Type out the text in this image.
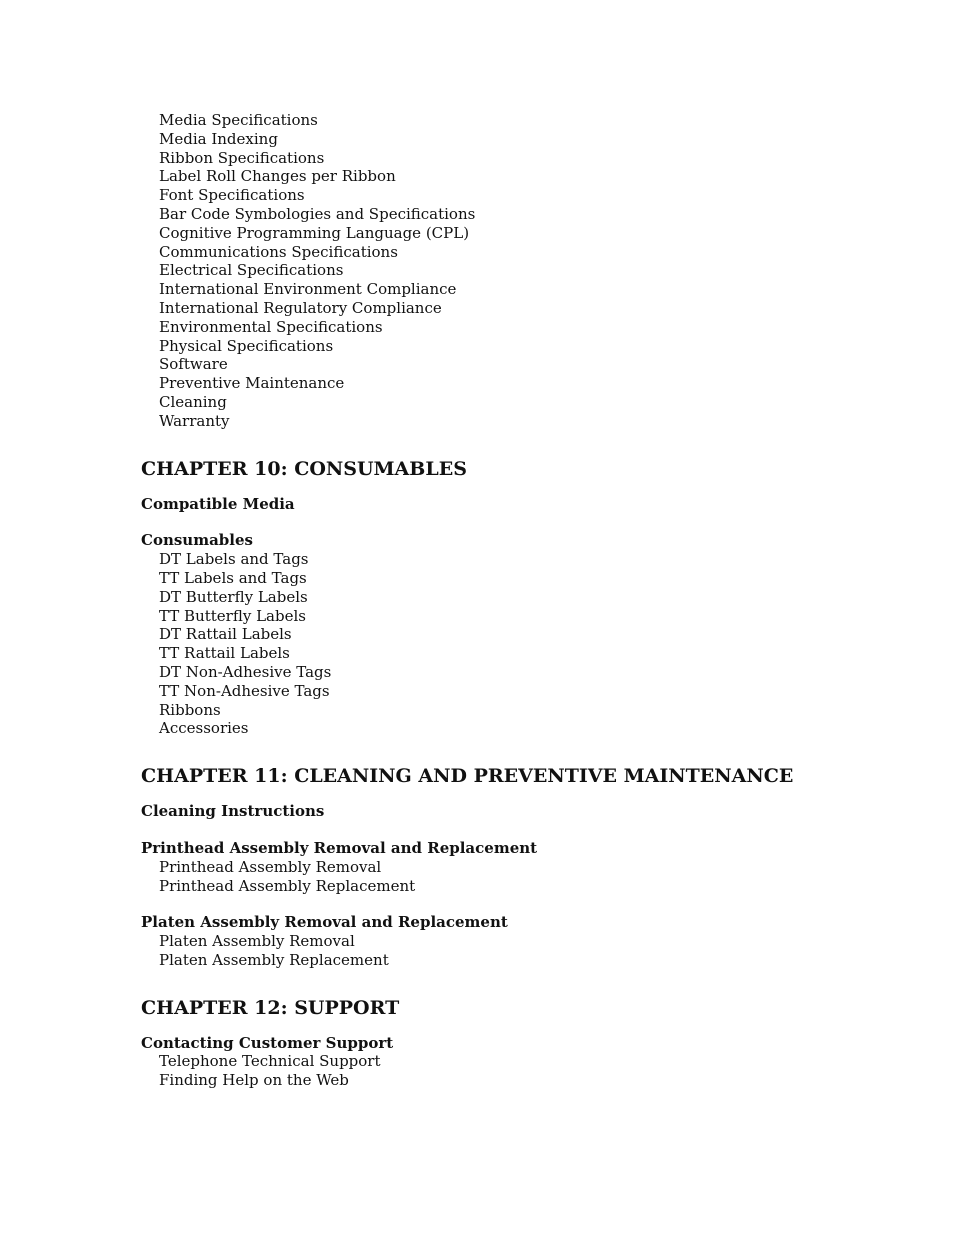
Media Specifications
Media Indexing
Ribbon Specifications
Label Roll Changes per Ribbon
Font Specifications
Bar Code Symbologies and Specifications
Cognitive Programming Language (CPL)
Communications Specifications
Electrical Specifications
International Environment Compliance
International Regulatory Compliance
Environmental Specifications
Physical Specifications
Software
Preventive Maintenance
Cleaning
Warranty
CHAPTER 10: CONSUMABLES
Compatible Media
Consumables
DT Labels and Tags
TT Labels and Tags
DT Butterfly Labels
TT Butterfly Labels
DT Rattail Labels
TT Rattail Labels
DT Non-Adhesive Tags
TT Non-Adhesive Tags
Ribbons
Accessories
CHAPTER 11: CLEANING AND PREVENTIVE MAINTENANCE
Cleaning Instructions
Printhead Assembly Removal and Replacement
Printhead Assembly Removal
Printhead Assembly Replacement
Platen Assembly Removal and Replacement
Platen Assembly Removal
Platen Assembly Replacement
CHAPTER 12: SUPPORT
Contacting Customer Support
Telephone Technical Support
Finding Help on the Web
